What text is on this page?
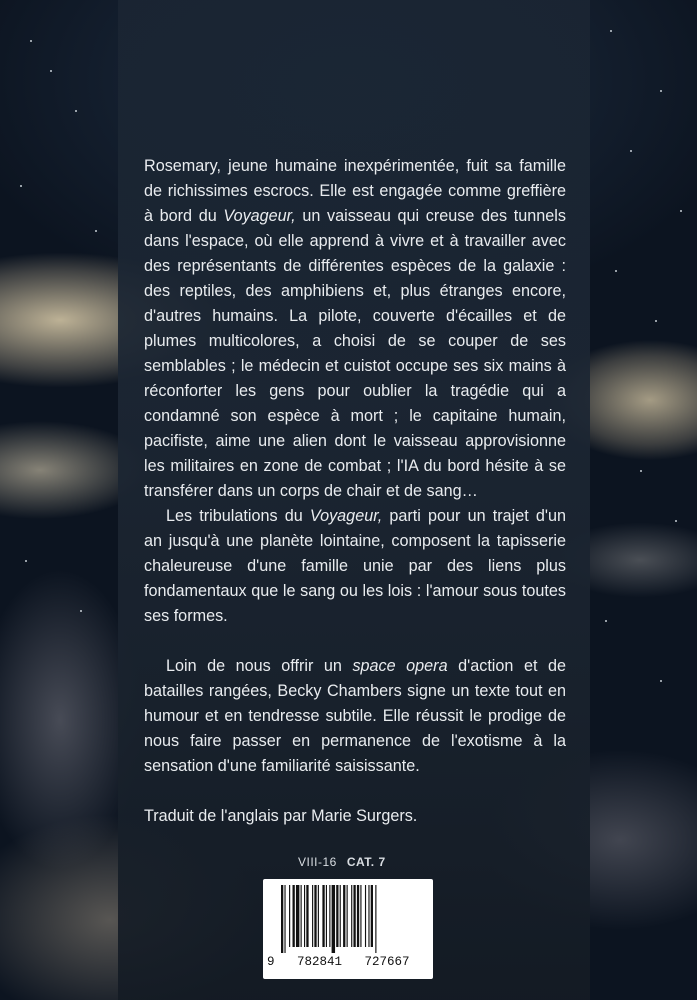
Rosemary, jeune humaine inexpérimentée, fuit sa famille de richissimes escrocs. Elle est engagée comme greffière à bord du Voyageur, un vaisseau qui creuse des tunnels dans l'espace, où elle apprend à vivre et à travailler avec des représentants de différentes espèces de la galaxie : des reptiles, des amphibiens et, plus étranges encore, d'autres humains. La pilote, couverte d'écailles et de plumes multicolores, a choisi de se couper de ses semblables ; le médecin et cuistot occupe ses six mains à réconforter les gens pour oublier la tragédie qui a condamné son espèce à mort ; le capitaine humain, pacifiste, aime une alien dont le vaisseau approvisionne les militaires en zone de combat ; l'IA du bord hésite à se transférer dans un corps de chair et de sang…

Les tribulations du Voyageur, parti pour un trajet d'un an jusqu'à une planète lointaine, composent la tapisserie chaleureuse d'une famille unie par des liens plus fondamentaux que le sang ou les lois : l'amour sous toutes ses formes.

Loin de nous offrir un space opera d'action et de batailles rangées, Becky Chambers signe un texte tout en humour et en tendresse subtile. Elle réussit le prodige de nous faire passer en permanence de l'exotisme à la sensation d'une familiarité saisissante.

Traduit de l'anglais par Marie Surgers.

VIII-16 CAT. 7
9   782841   727667
